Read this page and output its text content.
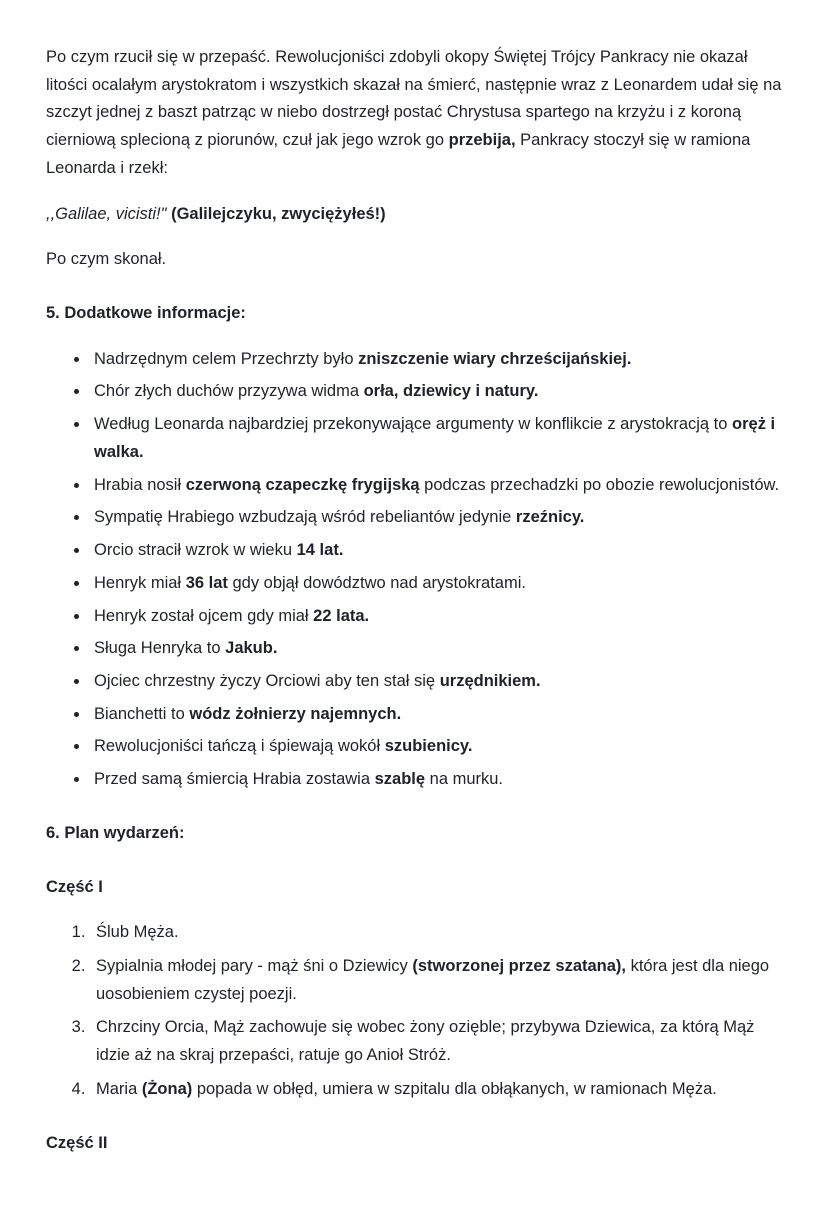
Po czym rzucił się w przepaść. Rewolucjoniści zdobyli okopy Świętej Trójcy Pankracy nie okazał litości ocalałym arystokratom i wszystkich skazał na śmierć, następnie wraz z Leonardem udał się na szczyt jednej z baszt patrząc w niebo dostrzegł postać Chrystusa spartego na krzyżu i z koroną cierniową splecioną z piorunów, czuł jak jego wzrok go przebija, Pankracy stoczył się w ramiona Leonarda i rzekł:

,,Galilae, vicisti!" (Galilejczyku, zwyciężyłeś!)

Po czym skonał.

5. Dodatkowe informacje:
• Nadrzędnym celem Przechrzty było zniszczenie wiary chrześcijańskiej.
• Chór złych duchów przyzywa widma orła, dziewicy i natury.
• Według Leonarda najbardziej przekonywające argumenty w konflikcie z arystokracją to oręż i walka.
• Hrabia nosił czerwoną czapeczkę frygijską podczas przechadzki po obozie rewolucjonistów.
• Sympatię Hrabiego wzbudzają wśród rebeliantów jedynie rzeźnicy.
• Orcio stracił wzrok w wieku 14 lat.
• Henryk miał 36 lat gdy objął dowództwo nad arystokratami.
• Henryk został ojcem gdy miał 22 lata.
• Sługa Henryka to Jakub.
• Ojciec chrzestny życzy Orciowi aby ten stał się urzędnikiem.
• Bianchetti to wódz żołnierzy najemnych.
• Rewolucjoniści tańczą i śpiewają wokół szubienicy.
• Przed samą śmiercią Hrabia zostawia szablę na murku.
6. Plan wydarzeń:

Część I

1. Ślub Męża.
2. Sypialnia młodej pary - mąż śni o Dziewicy (stworzonej przez szatana), która jest dla niego uosobieniem czystej poezji.
3. Chrzciny Orcia, Mąż zachowuje się wobec żony ozięble; przybywa Dziewica, za którą Mąż idzie aż na skraj przepaści, ratuje go Anioł Stróż.
4. Maria (Żona) popada w obłęd, umiera w szpitalu dla obłąkanych, w ramionach Męża.

Część II
